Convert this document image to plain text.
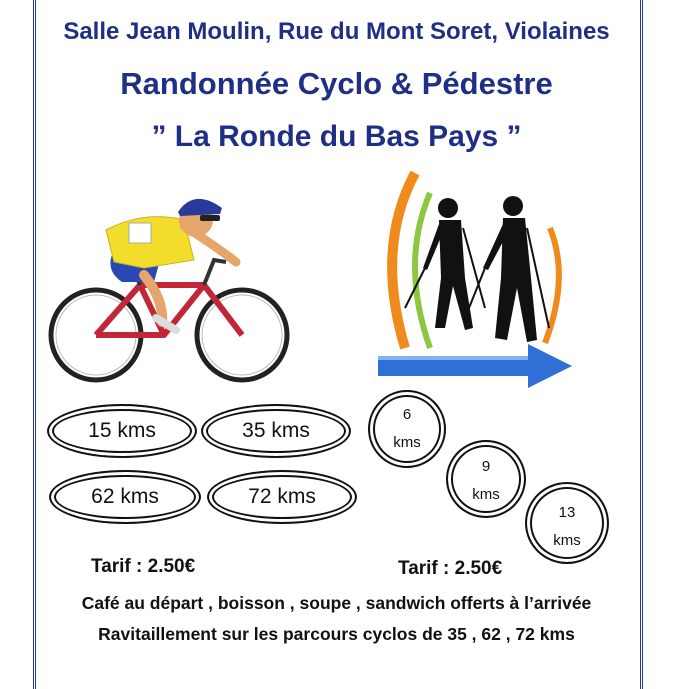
Salle Jean Moulin, Rue du Mont Soret, Violaines
Randonnée Cyclo & Pédestre
” La Ronde du Bas Pays ”
15 kms	35 kms
62 kms	72 kms
6
kms
9
kms
13
kms
Tarif : 2.50€	Tarif : 2.50€
Café au départ , boisson , soupe , sandwich offerts à l’arrivée
Ravitaillement sur les parcours cyclos de 35 , 62 , 72 kms
